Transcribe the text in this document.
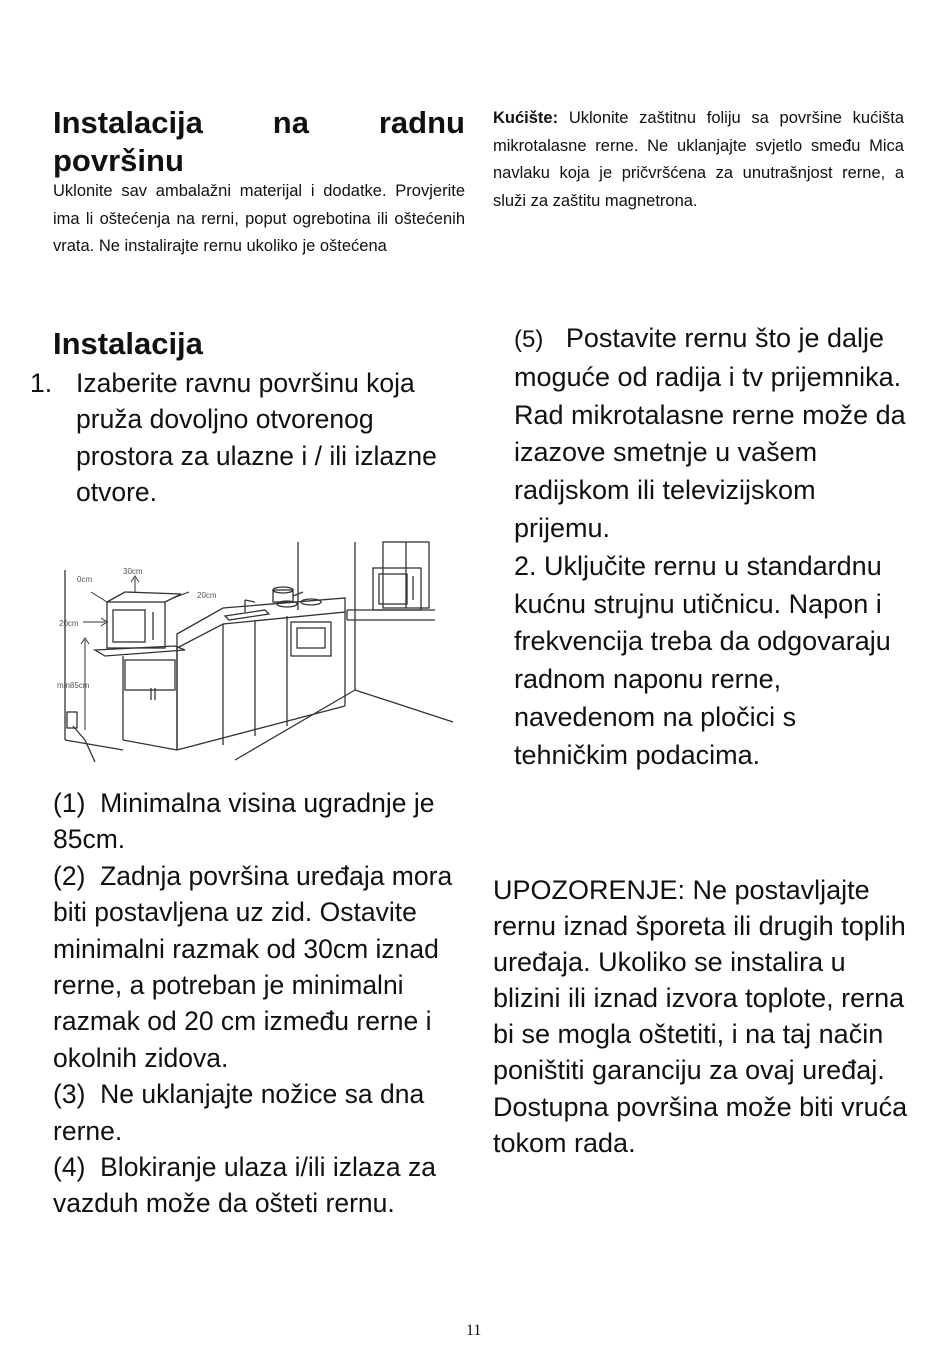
Instalacija na radnu
površinu

Uklonite sav ambalažni materijal i dodatke. Provjerite ima li oštećenja na rerni, poput ogrebotina ili oštećenih vrata. Ne instalirajte rernu ukoliko je oštećena

Kućište: Uklonite zaštitnu foliju sa površine kućišta mikrotalasne rerne. Ne uklanjajte svjetlo smeđu Mica navlaku koja je pričvršćena za unutrašnjost rerne, a služi za zaštitu magnetrona.

Instalacija
1. Izaberite ravnu površinu koja pruža dovoljno otvorenog prostora za ulazne i / ili izlazne otvore.
30cm
0cm
20cm
20cm
min85cm

(1) Minimalna visina ugradnje je 85cm.

(2) Zadnja površina uređaja mora biti postavljena uz zid. Ostavite minimalni razmak od 30cm iznad rerne, a potreban je minimalni razmak od 20 cm između rerne i okolnih zidova.

(3) Ne uklanjajte nožice sa dna rerne.

(4) Blokiranje ulaza i/ili izlaza za vazduh može da ošteti rernu.

(5) Postavite rernu što je dalje moguće od radija i tv prijemnika. Rad mikrotalasne rerne može da izazove smetnje u vašem radijskom ili televizijskom prijemu.

2. Uključite rernu u standardnu kućnu strujnu utičnicu. Napon i frekvencija treba da odgovaraju radnom naponu rerne, navedenom na pločici s tehničkim podacima.

UPOZORENJE: Ne postavljajte rernu iznad šporeta ili drugih toplih uređaja. Ukoliko se instalira u blizini ili iznad izvora toplote, rerna bi se mogla oštetiti, i na taj način poništiti garanciju za ovaj uređaj.

Dostupna površina može biti vruća tokom rada.

11
